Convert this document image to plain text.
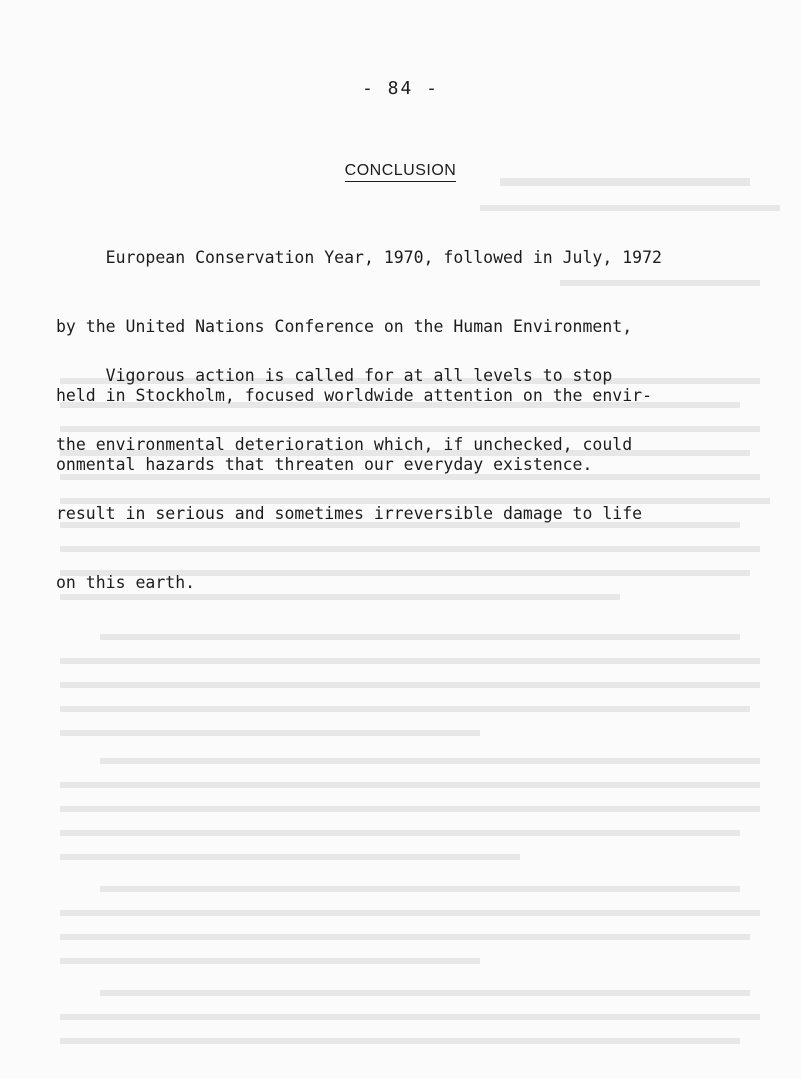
- 84 -
CONCLUSION

European Conservation Year, 1970, followed in July, 1972

by the United Nations Conference on the Human Environment,

held in Stockholm, focused worldwide attention on the envir-

onmental hazards that threaten our everyday existence.

Vigorous action is called for at all levels to stop

the environmental deterioration which, if unchecked, could

result in serious and sometimes irreversible damage to life

on this earth.
